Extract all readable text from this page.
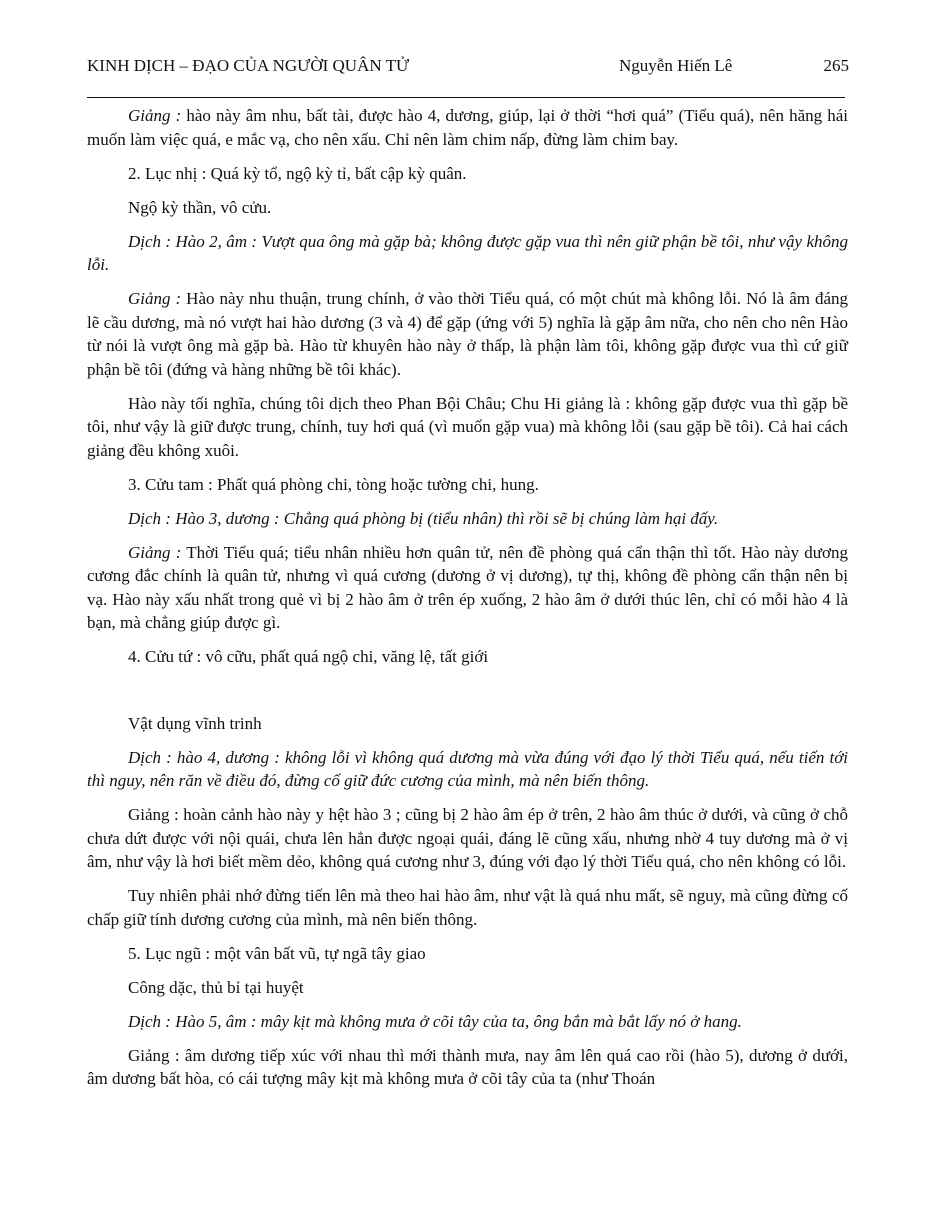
KINH DỊCH – ĐẠO CỦA NGƯỜI QUÂN TỬ	Nguyễn Hiến Lê	265

Giảng : hào này âm nhu, bất tài, được hào 4, dương, giúp, lại ở thời “hơi quá” (Tiểu quá), nên hăng hái muốn làm việc quá, e mắc vạ, cho nên xấu. Chỉ nên làm chim nấp, đừng làm chim bay.

2. Lục nhị : Quá kỳ tổ, ngộ kỳ tỉ, bất cập kỳ quân.

Ngộ kỳ thần, vô cửu.

Dịch : Hào 2, âm : Vượt qua ông mà gặp bà; không được gặp vua thì nên giữ phận bề tôi, như vậy không lỗi.

Giảng : Hào này nhu thuận, trung chính, ở vào thời Tiểu quá, có một chút mà không lỗi. Nó là âm đáng lẽ cầu dương, mà nó vượt hai hào dương (3 và 4) để gặp (ứng với 5) nghĩa là gặp âm nữa, cho nên cho nên Hào từ nói là vượt ông mà gặp bà. Hào từ khuyên hào này ở thấp, là phận làm tôi, không gặp được vua thì cứ giữ phận bề tôi (đứng và hàng những bề tôi khác).

Hào này tối nghĩa, chúng tôi dịch theo Phan Bội Châu; Chu Hi giảng là : không gặp được vua thì gặp bề tôi, như vậy là giữ được trung, chính, tuy hơi quá (vì muốn gặp vua) mà không lỗi (sau gặp bề tôi). Cả hai cách giảng đều không xuôi.

3. Cửu tam : Phất quá phòng chi, tòng hoặc tường chi, hung.

Dịch : Hào 3, dương : Chẳng quá phòng bị (tiểu nhân) thì rồi sẽ bị chúng làm hại đấy.

Giảng : Thời Tiểu quá; tiểu nhân nhiều hơn quân tử, nên đề phòng quá cẩn thận thì tốt. Hào này dương cương đắc chính là quân tử, nhưng vì quá cương (dương ở vị dương), tự thị, không đề phòng cẩn thận nên bị vạ. Hào này xấu nhất trong quẻ vì bị 2 hào âm ở trên ép xuống, 2 hào âm ở dưới thúc lên, chỉ có mỗi hào 4 là bạn, mà chẳng giúp được gì.

4. Cửu tứ : vô cữu, phất quá ngộ chi, văng lệ, tất giới

Vật dụng vĩnh trinh

Dịch : hào 4, dương : không lỗi vì không quá dương mà vừa đúng với đạo lý thời Tiểu quá, nếu tiến tới thì nguy, nên răn về điều đó, đừng cố giữ đức cương của mình, mà nên biến thông.

Giảng : hoàn cảnh hào này y hệt hào 3 ; cũng bị 2 hào âm ép ở trên, 2 hào âm thúc ở dưới, và cũng ở chỗ chưa dứt được với nội quái, chưa lên hẳn được ngoại quái, đáng lẽ cũng xấu, nhưng nhờ 4 tuy dương mà ở vị âm, như vậy là hơi biết mềm dẻo, không quá cương như 3, đúng với đạo lý thời Tiểu quá, cho nên không có lỗi.

Tuy nhiên phải nhớ đừng tiến lên mà theo hai hào âm, như vật là quá nhu mất, sẽ nguy, mà cũng đừng cố chấp giữ tính dương cương của mình, mà nên biến thông.

5. Lục ngũ : một vân bất vũ, tự ngã tây giao

Công dặc, thủ bỉ tại huyệt

Dịch : Hào 5, âm : mây kịt mà không mưa ở cõi tây của ta, ông bắn mà bắt lấy nó ở hang.

Giảng : âm dương tiếp xúc với nhau thì mới thành mưa, nay âm lên quá cao rồi (hào 5), dương ở dưới, âm dương bất hòa, có cái tượng mây kịt mà không mưa ở cõi tây của ta (như Thoán
